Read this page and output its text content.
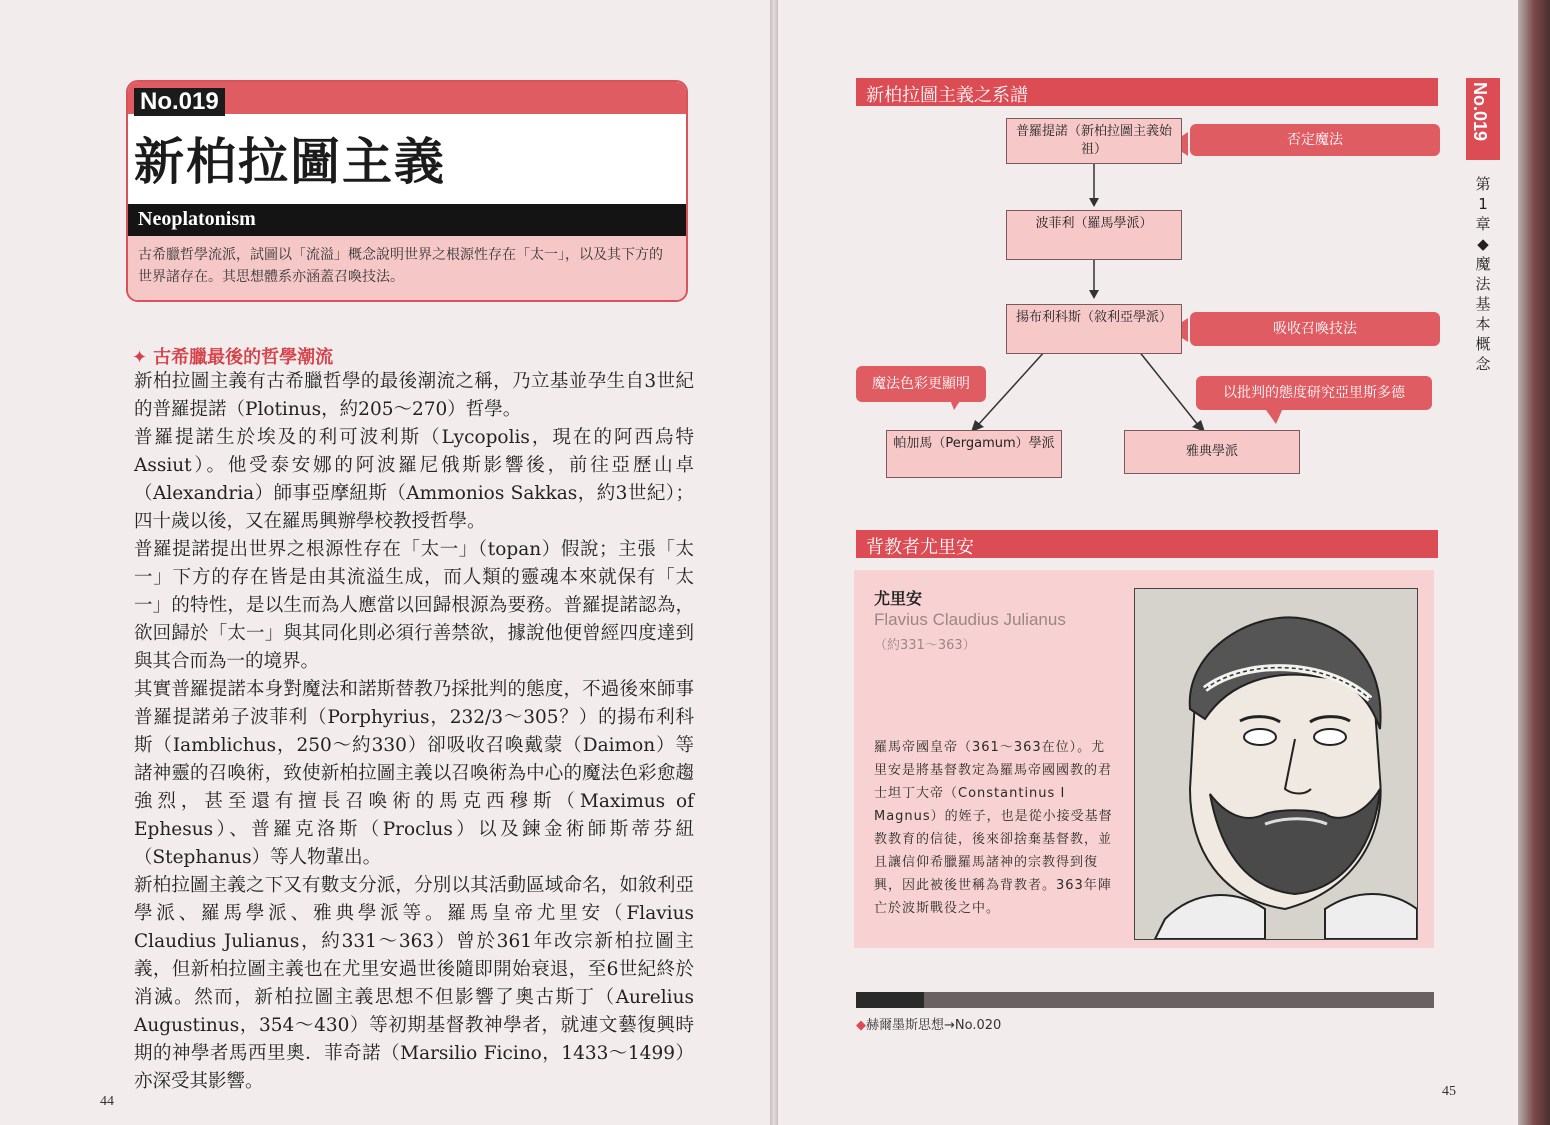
No.019
新柏拉圖主義
Neoplatonism

古希臘哲學流派，試圖以「流溢」概念說明世界之根源性存在「太一」，以及其下方的世界諸存在。其思想體系亦涵蓋召喚技法。

✦ 古希臘最後的哲學潮流

新柏拉圖主義有古希臘哲學的最後潮流之稱，乃立基並孕生自3世紀的普羅提諾（Plotinus，約205～270）哲學。

普羅提諾生於埃及的利可波利斯（Lycopolis，現在的阿西烏特Assiut）。他受泰安娜的阿波羅尼俄斯影響後，前往亞歷山卓（Alexandria）師事亞摩紐斯（Ammonios Sakkas，約3世紀）；四十歲以後，又在羅馬興辦學校教授哲學。

普羅提諾提出世界之根源性存在「太一」（topan）假說；主張「太一」下方的存在皆是由其流溢生成，而人類的靈魂本來就保有「太一」的特性，是以生而為人應當以回歸根源為要務。普羅提諾認為，欲回歸於「太一」與其同化則必須行善禁欲，據說他便曾經四度達到與其合而為一的境界。

其實普羅提諾本身對魔法和諾斯替教乃採批判的態度，不過後來師事普羅提諾弟子波菲利（Porphyrius，232/3～305？）的揚布利科斯（Iamblichus，250～約330）卻吸收召喚戴蒙（Daimon）等諸神靈的召喚術，致使新柏拉圖主義以召喚術為中心的魔法色彩愈趨強烈，甚至還有擅長召喚術的馬克西穆斯（Maximus of Ephesus）、普羅克洛斯（Proclus）以及鍊金術師斯蒂芬紐（Stephanus）等人物輩出。

新柏拉圖主義之下又有數支分派，分別以其活動區域命名，如敘利亞學派、羅馬學派、雅典學派等。羅馬皇帝尤里安（Flavius Claudius Julianus，約331～363）曾於361年改宗新柏拉圖主義，但新柏拉圖主義也在尤里安過世後隨即開始衰退，至6世紀終於消滅。然而，新柏拉圖主義思想不但影響了奧古斯丁（Aurelius Augustinus，354～430）等初期基督教神學者，就連文藝復興時期的神學者馬西里奧．菲奇諾（Marsilio Ficino，1433～1499）亦深受其影響。

44
新柏拉圖主義之系譜
普羅提諾（新柏拉圖主義始祖）
波菲利（羅馬學派）
揚布利科斯（敘利亞學派）
帕加馬（Pergamum）學派
雅典學派
否定魔法
吸收召喚技法
魔法色彩更顯明
以批判的態度研究亞里斯多德
背教者尤里安
尤里安
Flavius Claudius Julianus
（約331～363）
羅馬帝國皇帝（361～363在位）。尤里安是將基督教定為羅馬帝國國教的君士坦丁大帝（Constantinus I Magnus）的姪子，也是從小接受基督教教育的信徒，後來卻捨棄基督教，並且讓信仰希臘羅馬諸神的宗教得到復興，因此被後世稱為背教者。363年陣亡於波斯戰役之中。
◆赫爾墨斯思想→No.020
No.019
第1章◆魔法基本概念
45
